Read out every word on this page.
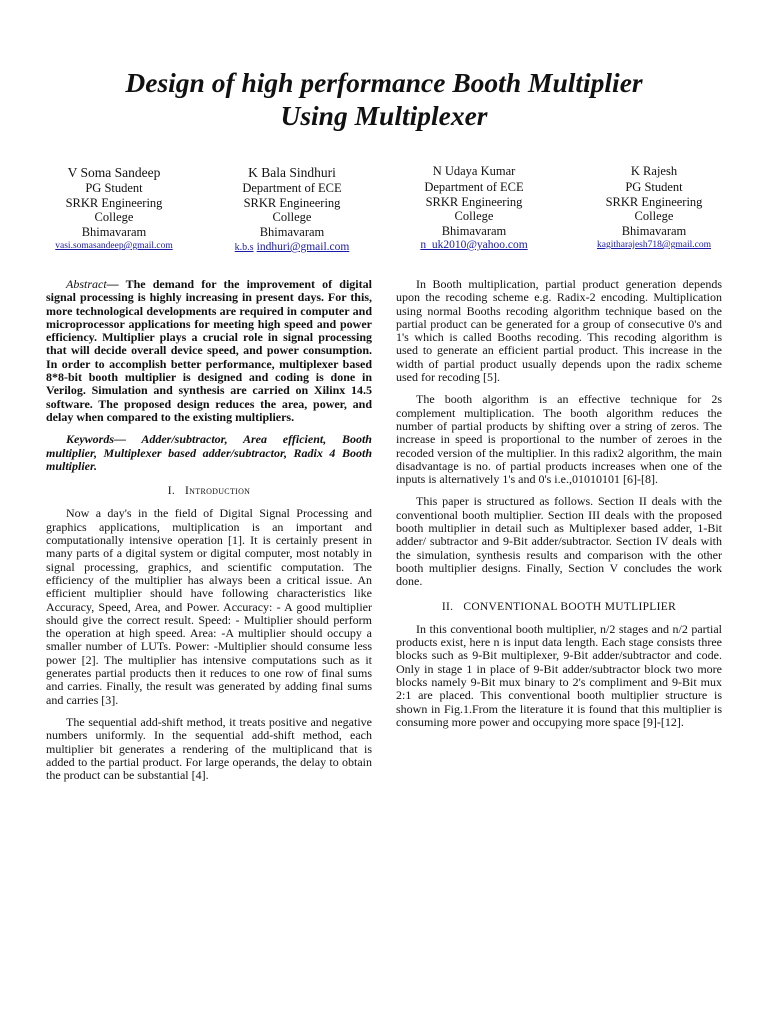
Design of high performance Booth Multiplier
Using Multiplexer
V Soma Sandeep
PG Student
SRKR Engineering
College
Bhimavaram
vasi.somasandeep@gmail.com
K Bala Sindhuri
Department of ECE
SRKR Engineering
College
Bhimavaram
k.b.s indhuri@gmail.com
N Udaya Kumar
Department of ECE
SRKR Engineering
College
Bhimavaram
n_uk2010@yahoo.com
K Rajesh
PG Student
SRKR Engineering
College
Bhimavaram
kagitharajesh718@gmail.com

Abstract— The demand for the improvement of digital signal processing is highly increasing in present days. For this, more technological developments are required in computer and microprocessor applications for meeting high speed and power efficiency. Multiplier plays a crucial role in signal processing that will decide overall device speed, and power consumption. In order to accomplish better performance, multiplexer based 8*8-bit booth multiplier is designed and coding is done in Verilog. Simulation and synthesis are carried on Xilinx 14.5 software. The proposed design reduces the area, power, and delay when compared to the existing multipliers.

Keywords— Adder/subtractor, Area efficient, Booth multiplier, Multiplexer based adder/subtractor, Radix 4 Booth multiplier.

I. Introduction

Now a day's in the field of Digital Signal Processing and graphics applications, multiplication is an important and computationally intensive operation [1]. It is certainly present in many parts of a digital system or digital computer, most notably in signal processing, graphics, and scientific computation. The efficiency of the multiplier has always been a critical issue. An efficient multiplier should have following characteristics like Accuracy, Speed, Area, and Power. Accuracy: - A good multiplier should give the correct result. Speed: - Multiplier should perform the operation at high speed. Area: -A multiplier should occupy a smaller number of LUTs. Power: -Multiplier should consume less power [2]. The multiplier has intensive computations such as it generates partial products then it reduces to one row of final sums and carries. Finally, the result was generated by adding final sums and carries [3].

The sequential add-shift method, it treats positive and negative numbers uniformly. In the sequential add-shift method, each multiplier bit generates a rendering of the multiplicand that is added to the partial product. For large operands, the delay to obtain the product can be substantial [4].

In Booth multiplication, partial product generation depends upon the recoding scheme e.g. Radix-2 encoding. Multiplication using normal Booths recoding algorithm technique based on the partial product can be generated for a group of consecutive 0's and 1's which is called Booths recoding. This recoding algorithm is used to generate an efficient partial product. This increase in the width of partial product usually depends upon the radix scheme used for recoding [5].

The booth algorithm is an effective technique for 2s complement multiplication. The booth algorithm reduces the number of partial products by shifting over a string of zeros. The increase in speed is proportional to the number of zeroes in the recoded version of the multiplier. In this radix2 algorithm, the main disadvantage is no. of partial products increases when one of the inputs is alternatively 1's and 0's i.e.,01010101 [6]-[8].

This paper is structured as follows. Section II deals with the conventional booth multiplier. Section III deals with the proposed booth multiplier in detail such as Multiplexer based adder, 1-Bit adder/ subtractor and 9-Bit adder/subtractor. Section IV deals with the simulation, synthesis results and comparison with the other booth multiplier designs. Finally, Section V concludes the work done.

II. CONVENTIONAL BOOTH MUTLIPLIER

In this conventional booth multiplier, n/2 stages and n/2 partial products exist, here n is input data length. Each stage consists three blocks such as 9-Bit multiplexer, 9-Bit adder/subtractor and code. Only in stage 1 in place of 9-Bit adder/subtractor block two more blocks namely 9-Bit mux binary to 2's compliment and 9-Bit mux 2:1 are placed. This conventional booth multiplier structure is shown in Fig.1.From the literature it is found that this multiplier is consuming more power and occupying more space [9]-[12].
